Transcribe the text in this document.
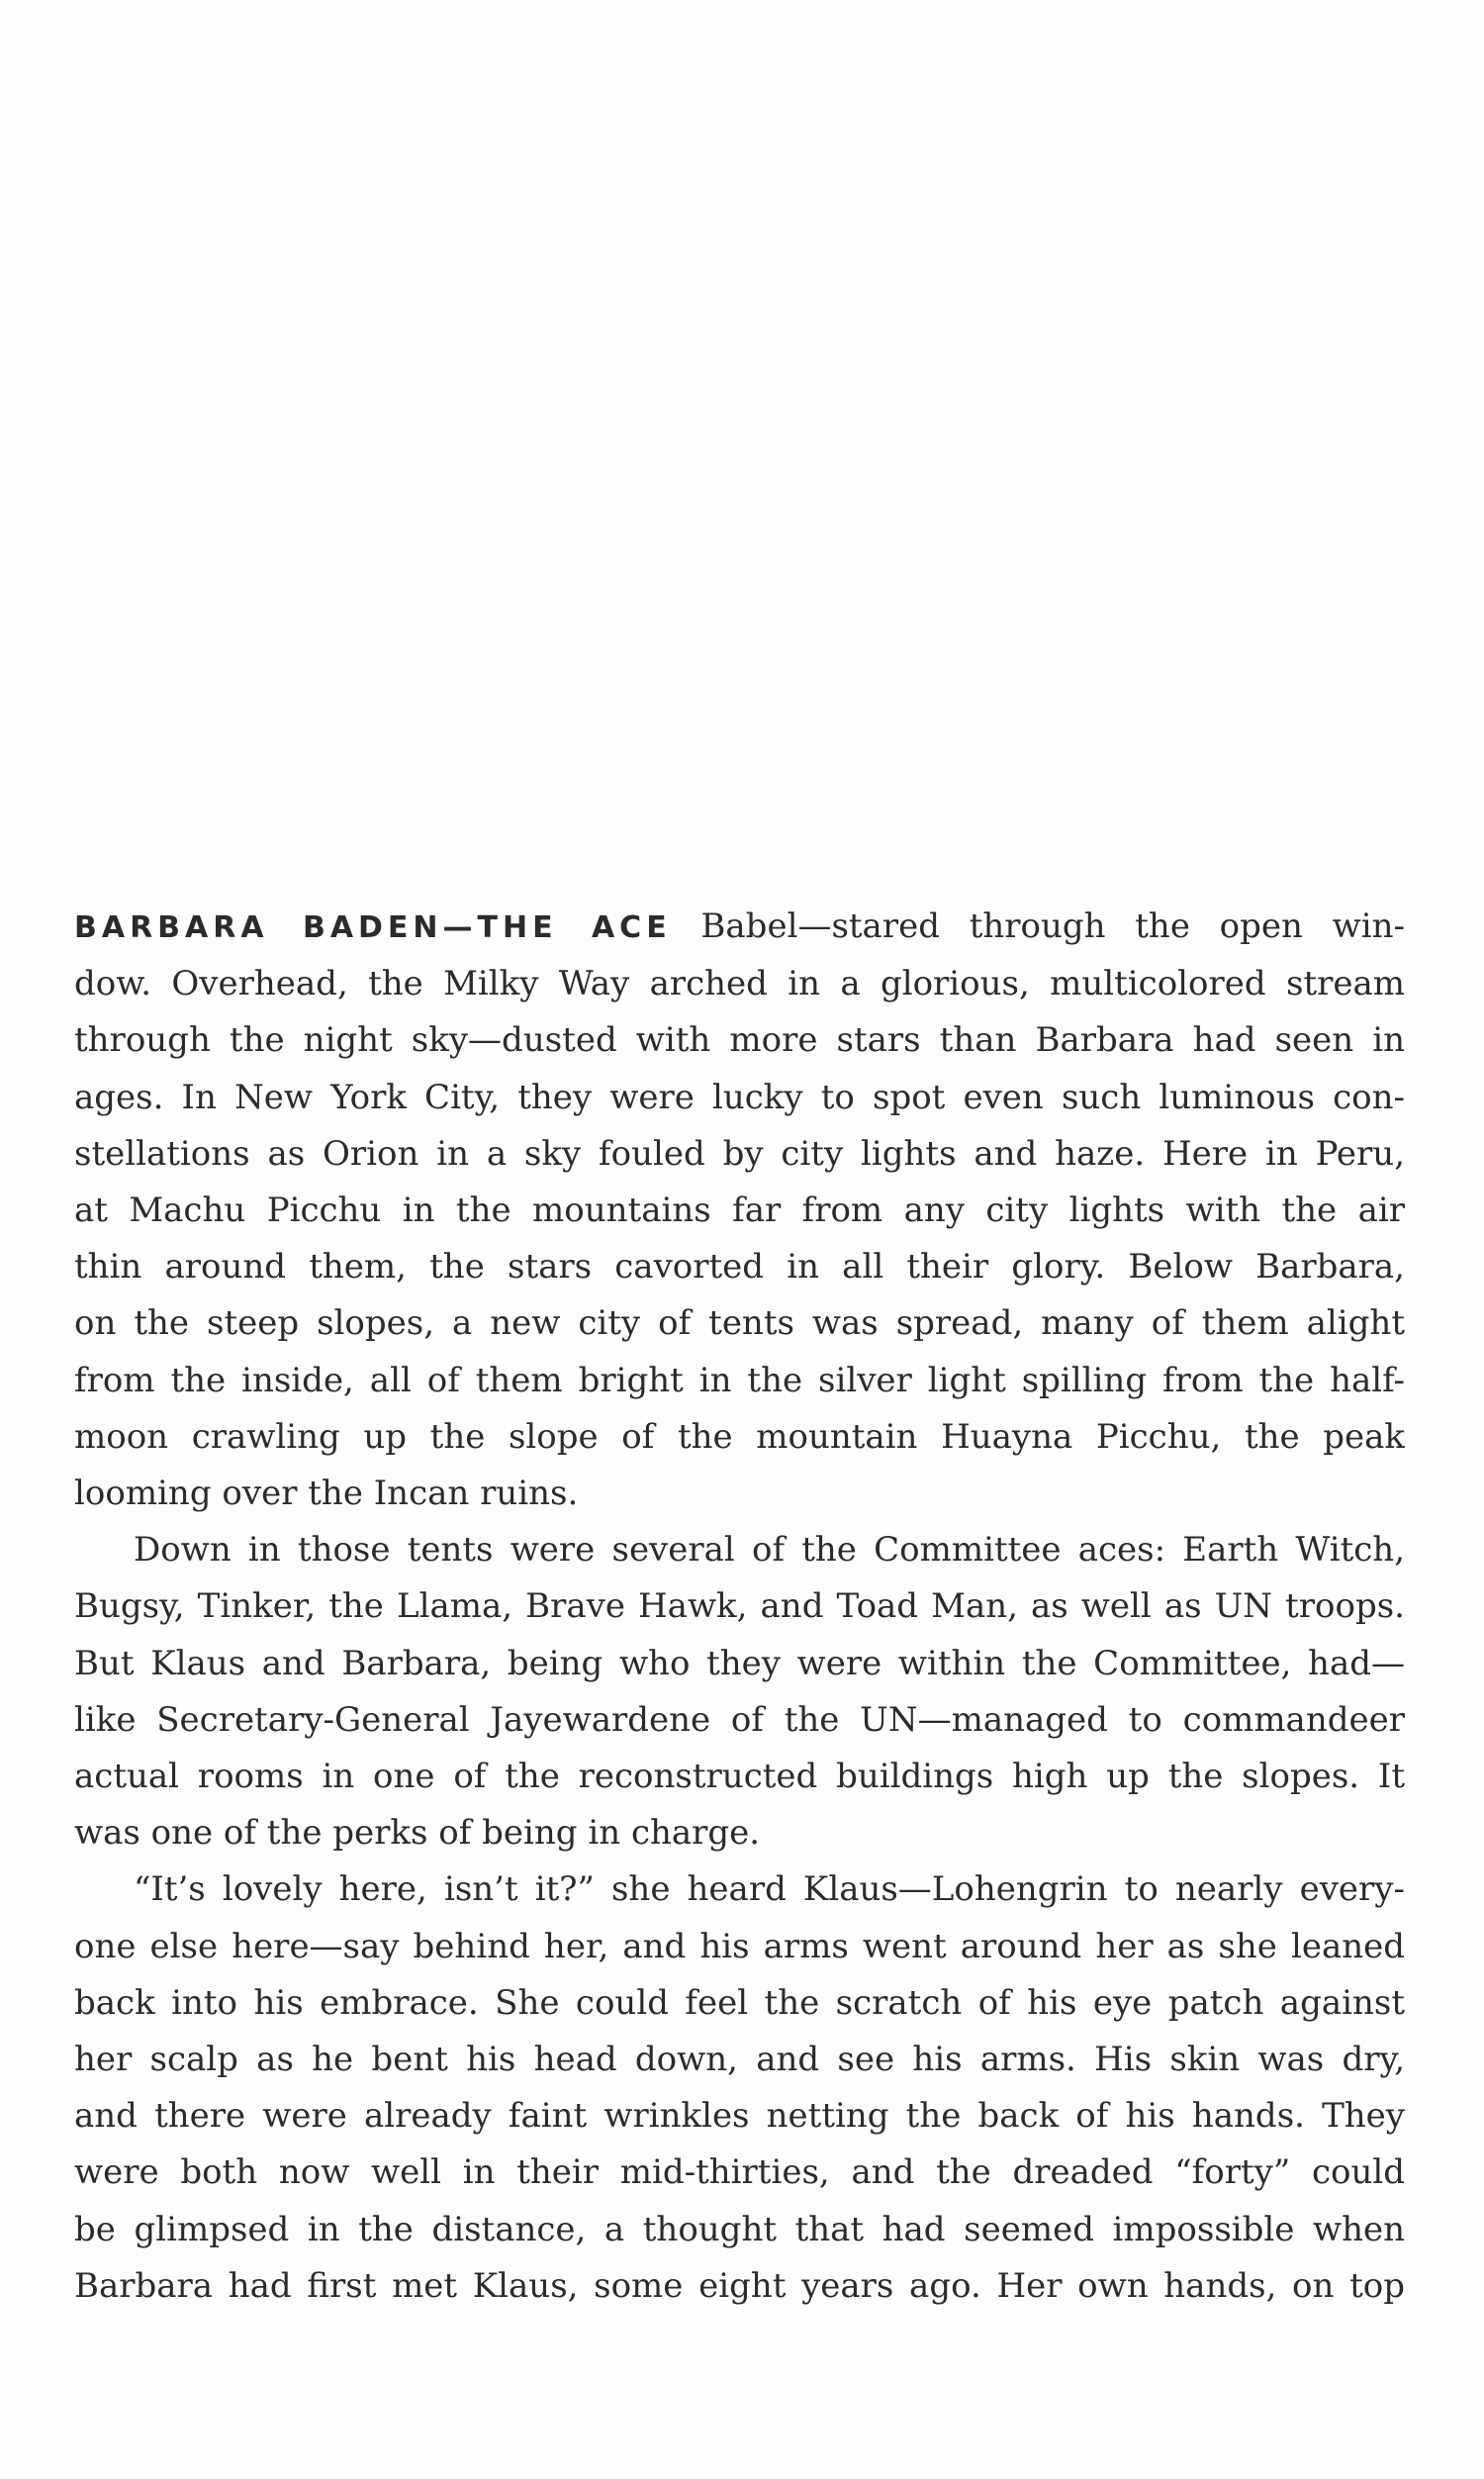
BARBARA BADEN—THE ACE Babel—stared through the open win-
dow. Overhead, the Milky Way arched in a glorious, multicolored stream
through the night sky—dusted with more stars than Barbara had seen in
ages. In New York City, they were lucky to spot even such luminous con-
stellations as Orion in a sky fouled by city lights and haze. Here in Peru,
at Machu Picchu in the mountains far from any city lights with the air
thin around them, the stars cavorted in all their glory. Below Barbara,
on the steep slopes, a new city of tents was spread, many of them alight
from the inside, all of them bright in the silver light spilling from the half-
moon crawling up the slope of the mountain Huayna Picchu, the peak
looming over the Incan ruins.
Down in those tents were several of the Committee aces: Earth Witch,
Bugsy, Tinker, the Llama, Brave Hawk, and Toad Man, as well as UN troops.
But Klaus and Barbara, being who they were within the Committee, had—
like Secretary-General Jayewardene of the UN—managed to commandeer
actual rooms in one of the reconstructed buildings high up the slopes. It
was one of the perks of being in charge.
“It’s lovely here, isn’t it?” she heard Klaus—Lohengrin to nearly every-
one else here—say behind her, and his arms went around her as she leaned
back into his embrace. She could feel the scratch of his eye patch against
her scalp as he bent his head down, and see his arms. His skin was dry,
and there were already faint wrinkles netting the back of his hands. They
were both now well in their mid-thirties, and the dreaded “forty” could
be glimpsed in the distance, a thought that had seemed impossible when
Barbara had first met Klaus, some eight years ago. Her own hands, on top
